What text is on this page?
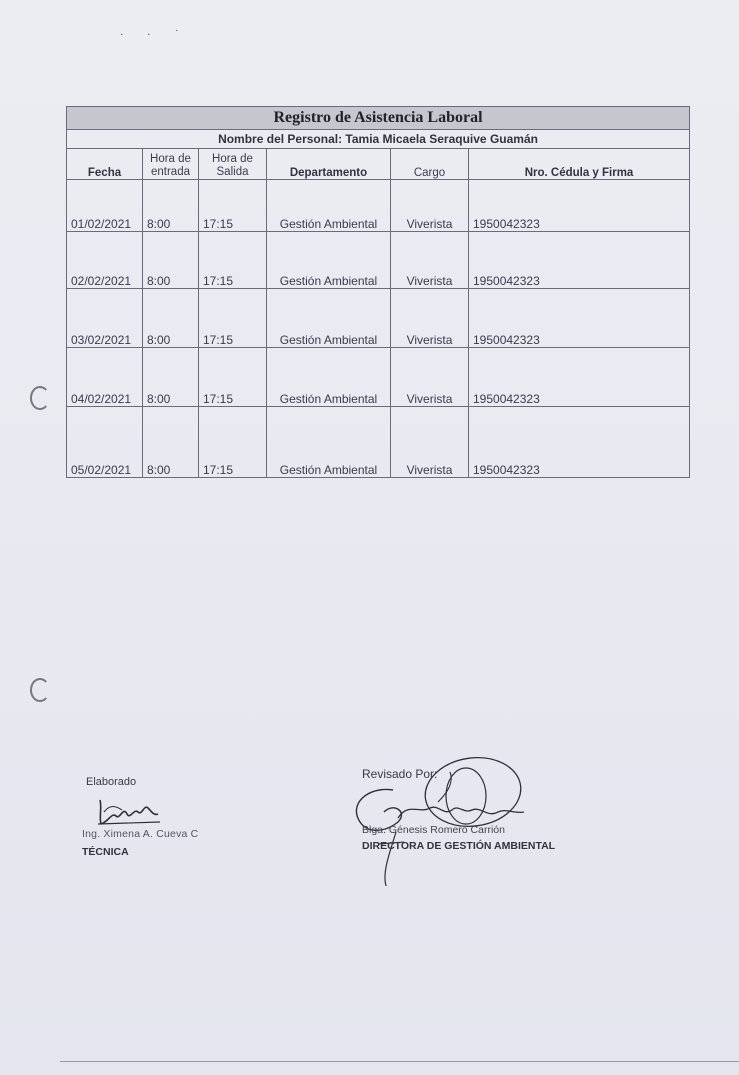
· ‧ ˙
Registro de Asistencia Laboral					
Nombre del Personal: Tamia Micaela Seraquive Guamán					
Fecha	Hora de entrada	Hora de Salida	Departamento	Cargo	Nro. Cédula y Firma
01/02/2021	8:00	17:15	Gestión Ambiental	Viverista	1950042323
02/02/2021	8:00	17:15	Gestión Ambiental	Viverista	1950042323
03/02/2021	8:00	17:15	Gestión Ambiental	Viverista	1950042323
04/02/2021	8:00	17:15	Gestión Ambiental	Viverista	1950042323
05/02/2021	8:00	17:15	Gestión Ambiental	Viverista	1950042323
Elaborado
Ing. Ximena A. Cueva C
TÉCNICA
Revisado Por:
Blga. Génesis Romero Carrión
DIRECTORA DE GESTIÓN AMBIENTAL
